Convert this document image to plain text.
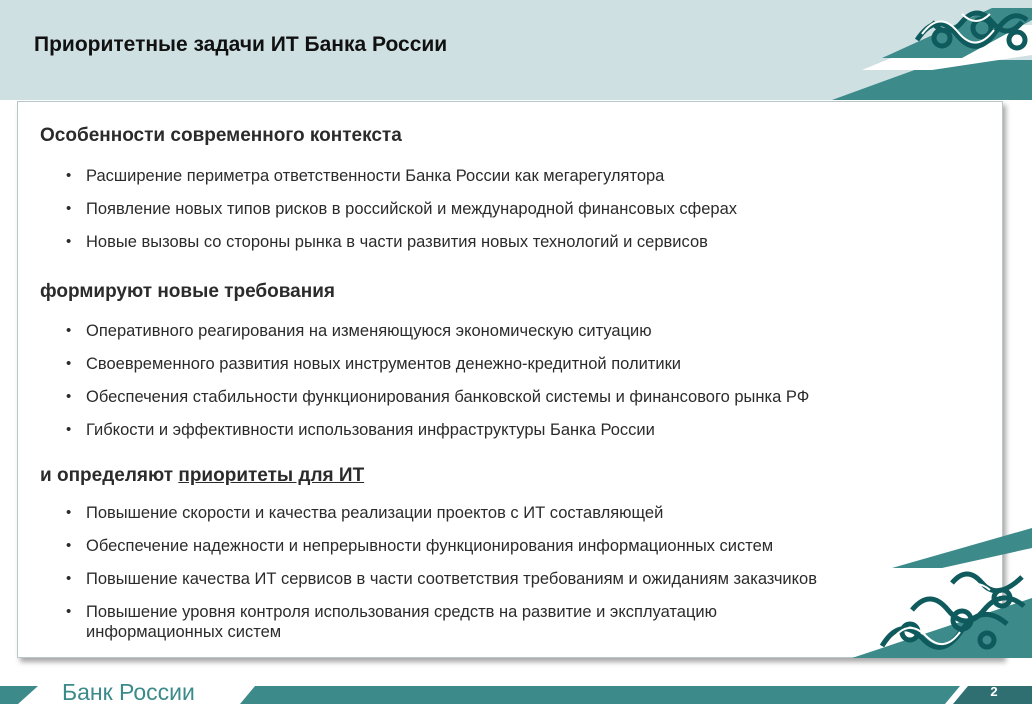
Приоритетные задачи ИТ Банка России
Особенности современного контекста
• Расширение периметра ответственности Банка России как мегарегулятора
• Появление новых типов рисков в российской и международной финансовых сферах
• Новые вызовы со стороны рынка в части развития новых технологий и сервисов
формируют новые требования
• Оперативного реагирования на изменяющуюся экономическую ситуацию
• Своевременного развития новых инструментов денежно-кредитной политики
• Обеспечения стабильности функционирования банковской системы и финансового рынка РФ
• Гибкости и эффективности использования инфраструктуры Банка России
и определяют приоритеты для ИТ
• Повышение скорости и качества реализации проектов с ИТ составляющей
• Обеспечение надежности и непрерывности функционирования информационных систем
• Повышение качества ИТ сервисов в части соответствия требованиям и ожиданиям заказчиков
• Повышение уровня контроля использования средств на развитие и эксплуатацию информационных систем
Банк России	2
